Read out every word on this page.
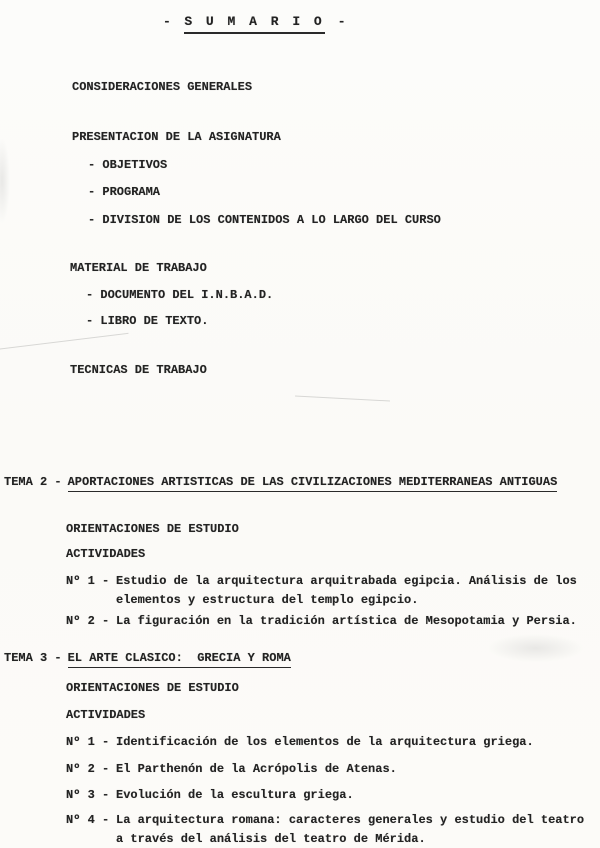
- S U M A R I O -
CONSIDERACIONES GENERALES
PRESENTACION DE LA ASIGNATURA
- OBJETIVOS
- PROGRAMA
- DIVISION DE LOS CONTENIDOS A LO LARGO DEL CURSO
MATERIAL DE TRABAJO
- DOCUMENTO DEL I.N.B.A.D.
- LIBRO DE TEXTO.
TECNICAS DE TRABAJO
TEMA 2 - APORTACIONES ARTISTICAS DE LAS CIVILIZACIONES MEDITERRANEAS ANTIGUAS
ORIENTACIONES DE ESTUDIO
ACTIVIDADES
Nº 1 - Estudio de la arquitectura arquitrabada egipcia. Análisis de los elementos y estructura del templo egipcio.
Nº 2 - La figuración en la tradición artística de Mesopotamia y Persia.
TEMA 3 - EL ARTE CLASICO:  GRECIA Y ROMA
ORIENTACIONES DE ESTUDIO
ACTIVIDADES
Nº 1 - Identificación de los elementos de la arquitectura griega.
Nº 2 - El Parthenón de la Acrópolis de Atenas.
Nº 3 - Evolución de la escultura griega.
Nº 4 - La arquitectura romana: caracteres generales y estudio del teatro a través del análisis del teatro de Mérida.
